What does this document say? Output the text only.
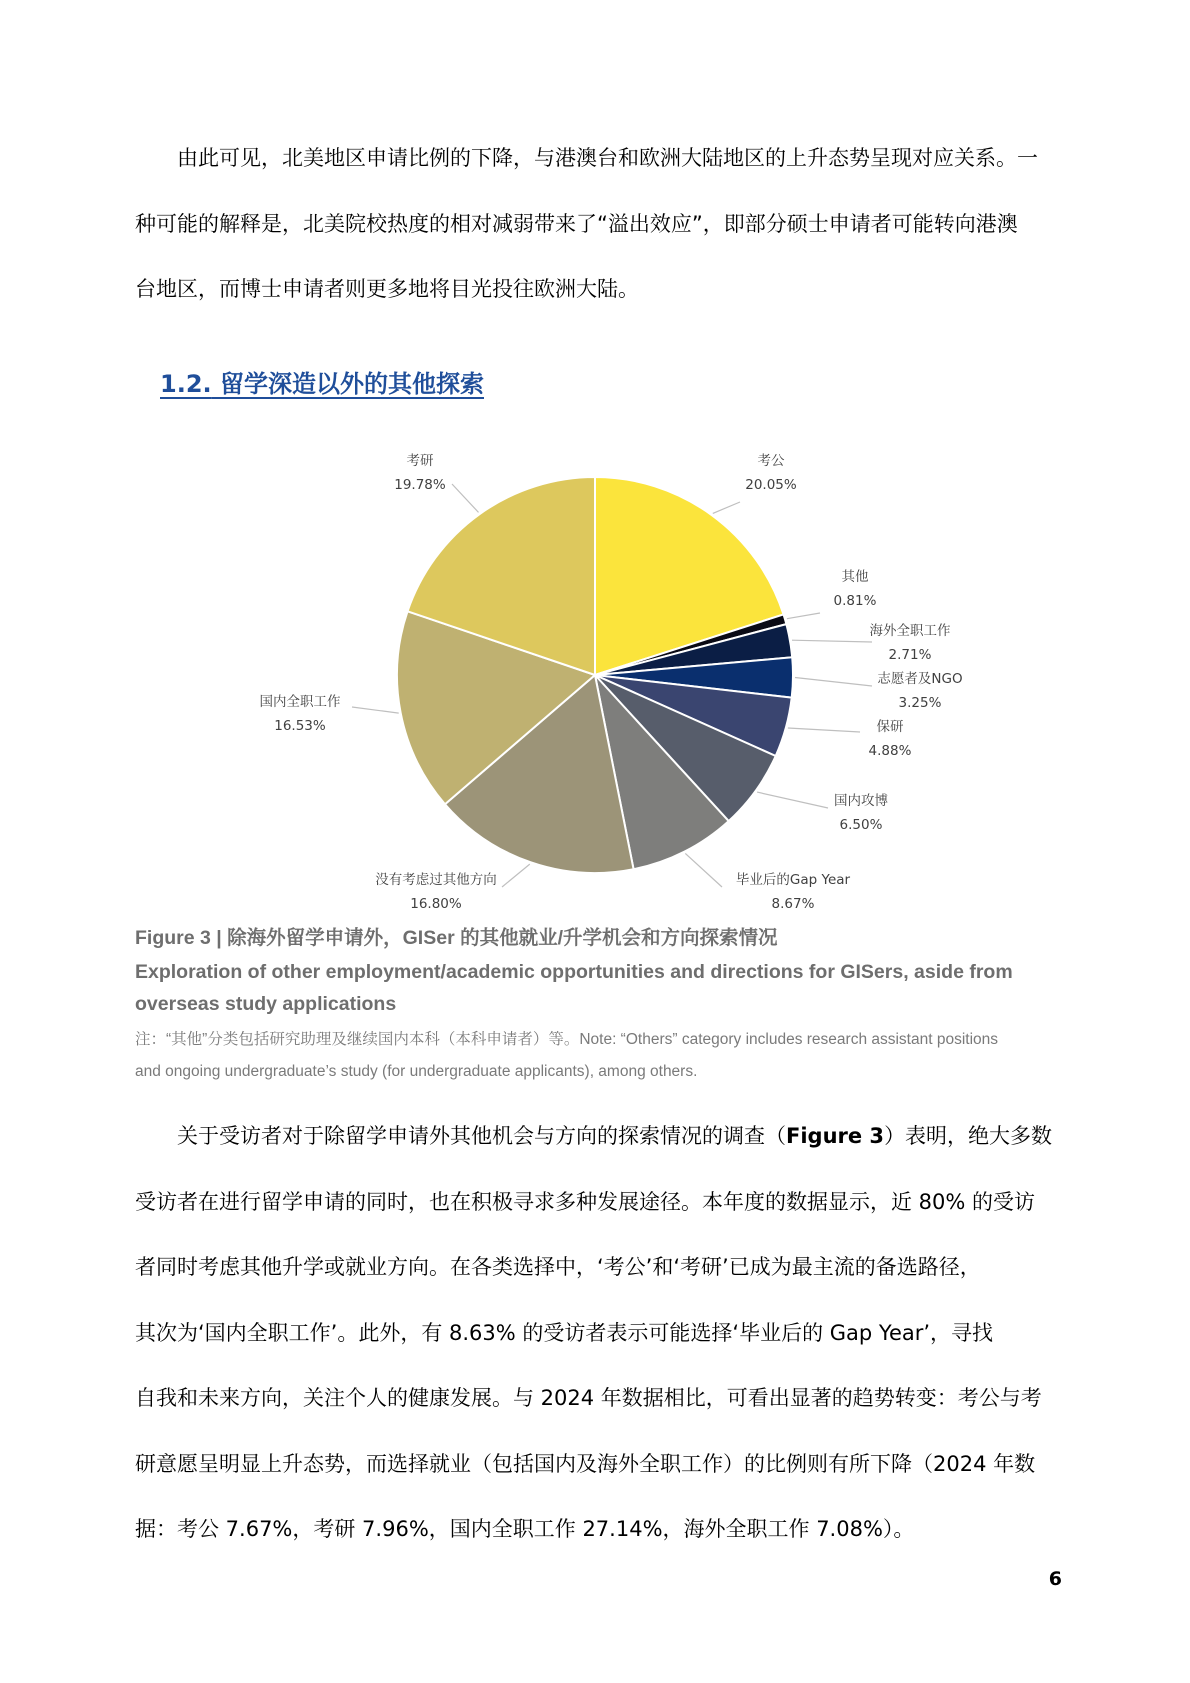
由此可见，北美地区申请比例的下降，与港澳台和欧洲大陆地区的上升态势呈现对应关系。一
种可能的解释是，北美院校热度的相对减弱带来了“溢出效应”，即部分硕士申请者可能转向港澳
台地区，而博士申请者则更多地将目光投往欧洲大陆。

1.2. 留学深造以外的其他探索
考公
20.05%
其他
0.81%
海外全职工作
2.71%
志愿者及NGO
3.25%
保研
4.88%
国内攻博
6.50%
毕业后的Gap Year
8.67%
没有考虑过其他方向
16.80%
国内全职工作
16.53%
考研
19.78%

Figure 3 | 除海外留学申请外，GISer 的其他就业/升学机会和方向探索情况

Exploration of other employment/academic opportunities and directions for GISers, aside from

overseas study applications

注：“其他”分类包括研究助理及继续国内本科（本科申请者）等。Note: “Others” category includes research assistant positions
and ongoing undergraduate’s study (for undergraduate applicants), among others.

关于受访者对于除留学申请外其他机会与方向的探索情况的调查（Figure 3）表明，绝大多数
受访者在进行留学申请的同时，也在积极寻求多种发展途径。本年度的数据显示，近 80% 的受访
者同时考虑其他升学或就业方向。在各类选择中，‘考公’和‘考研’已成为最主流的备选路径，
其次为‘国内全职工作’。此外，有 8.63% 的受访者表示可能选择‘毕业后的 Gap Year’，寻找
自我和未来方向，关注个人的健康发展。与 2024 年数据相比，可看出显著的趋势转变：考公与考
研意愿呈明显上升态势，而选择就业（包括国内及海外全职工作）的比例则有所下降（2024 年数
据：考公 7.67%，考研 7.96%，国内全职工作 27.14%，海外全职工作 7.08%）。

6
